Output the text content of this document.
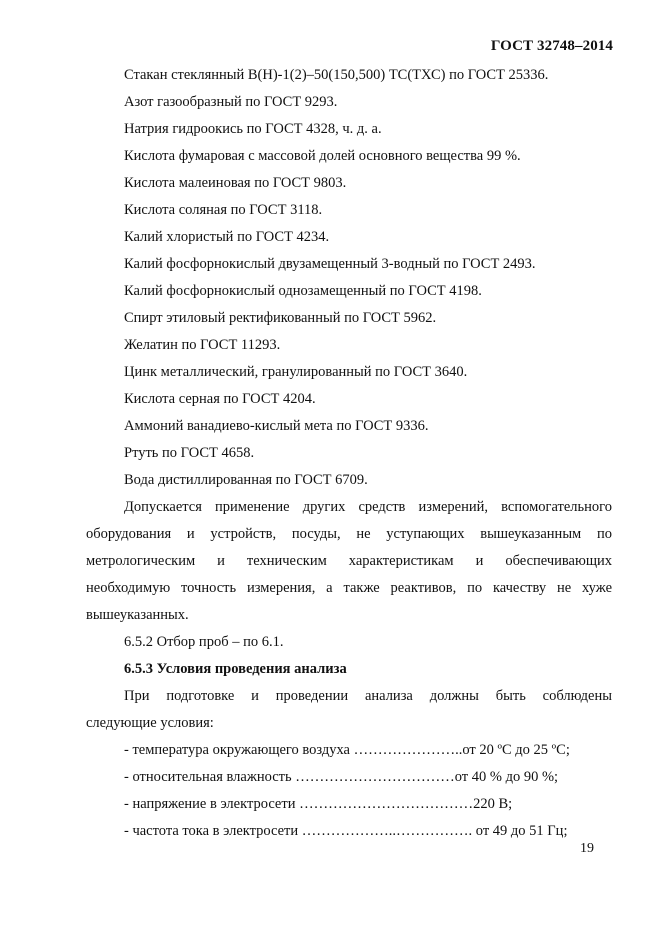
ГОСТ 32748–2014
Стакан стеклянный В(Н)-1(2)–50(150,500) ТС(ТХС) по ГОСТ 25336.
Азот газообразный по ГОСТ 9293.
Натрия гидроокись по ГОСТ 4328, ч. д. а.
Кислота фумаровая с массовой долей основного вещества 99 %.
Кислота малеиновая по ГОСТ 9803.
Кислота соляная по ГОСТ 3118.
Калий хлористый по ГОСТ 4234.
Калий фосфорнокислый двузамещенный 3-водный по ГОСТ 2493.
Калий фосфорнокислый однозамещенный по ГОСТ 4198.
Спирт этиловый ректификованный по ГОСТ 5962.
Желатин по ГОСТ 11293.
Цинк металлический, гранулированный по ГОСТ 3640.
Кислота серная по ГОСТ 4204.
Аммоний ванадиево-кислый мета по ГОСТ 9336.
Ртуть по ГОСТ 4658.
Вода дистиллированная по ГОСТ 6709.
Допускается применение других средств измерений, вспомогательного
оборудования и устройств, посуды, не уступающих вышеуказанным по
метрологическим и техническим характеристикам и обеспечивающих
необходимую точность измерения, а также реактивов, по качеству не хуже
вышеуказанных.
6.5.2 Отбор проб – по 6.1.
6.5.3 Условия проведения анализа
При подготовке и проведении анализа должны быть соблюдены
следующие условия:
- температура окружающего воздуха …………………..от 20 ºС до 25 ºС;
- относительная влажность ……………………………от 40 % до 90 %;
- напряжение в электросети ………………………………220 В;
- частота тока в электросети ………………..……………. от 49 до 51 Гц;
19
